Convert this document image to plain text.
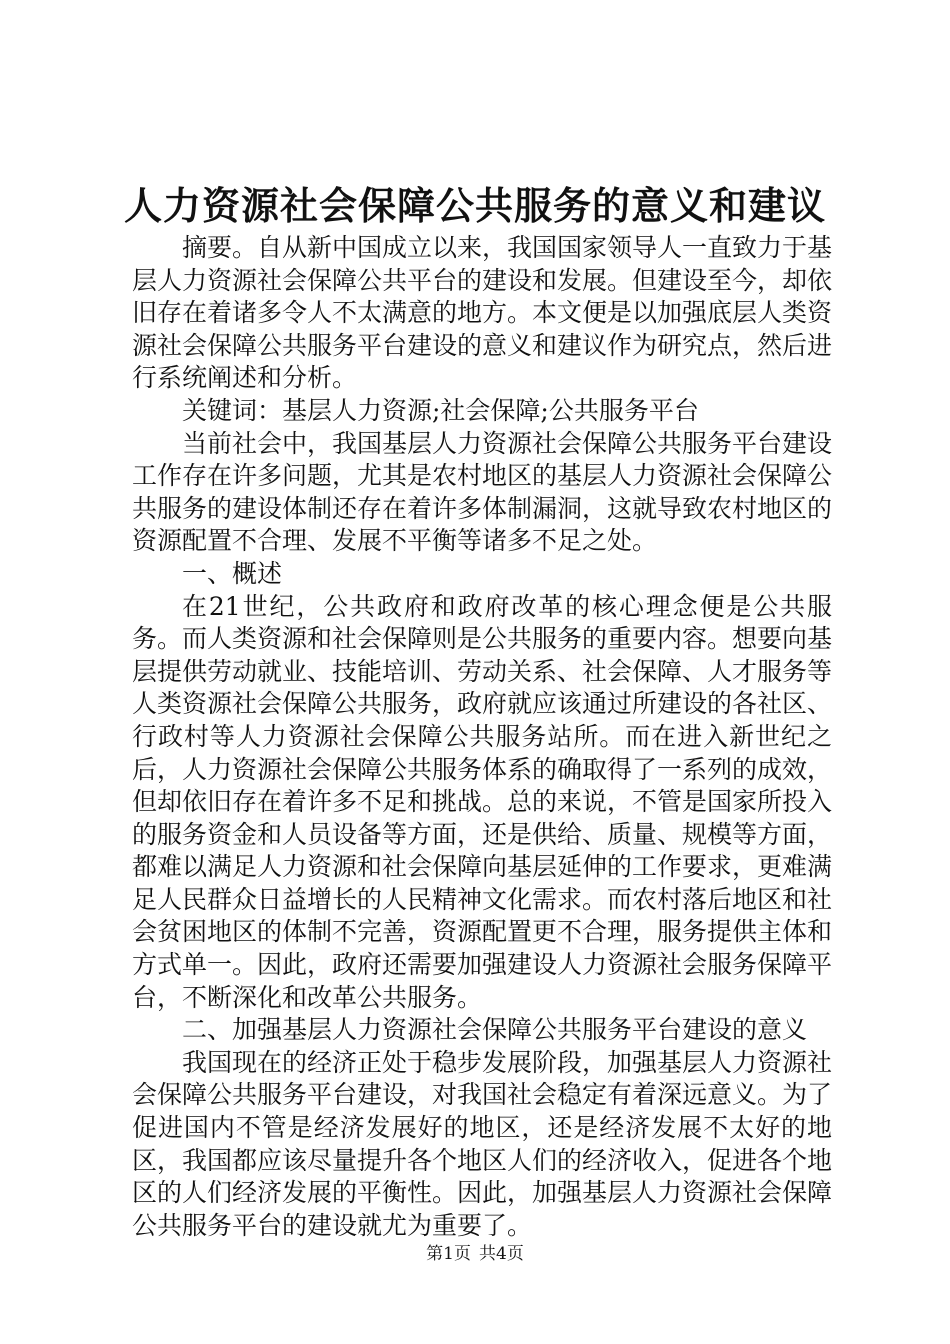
人力资源社会保障公共服务的意义和建议

摘要。自从新中国成立以来，我国国家领导人一直致力于基层人力资源社会保障公共平台的建设和发展。但建设至今，却依旧存在着诸多令人不太满意的地方。本文便是以加强底层人类资源社会保障公共服务平台建设的意义和建议作为研究点，然后进行系统阐述和分析。

关键词：基层人力资源;社会保障;公共服务平台

当前社会中，我国基层人力资源社会保障公共服务平台建设工作存在许多问题，尤其是农村地区的基层人力资源社会保障公共服务的建设体制还存在着许多体制漏洞，这就导致农村地区的资源配置不合理、发展不平衡等诸多不足之处。

一、概述

在21世纪，公共政府和政府改革的核心理念便是公共服务。而人类资源和社会保障则是公共服务的重要内容。想要向基层提供劳动就业、技能培训、劳动关系、社会保障、人才服务等人类资源社会保障公共服务，政府就应该通过所建设的各社区、行政村等人力资源社会保障公共服务站所。而在进入新世纪之后，人力资源社会保障公共服务体系的确取得了一系列的成效，但却依旧存在着许多不足和挑战。总的来说，不管是国家所投入的服务资金和人员设备等方面，还是供给、质量、规模等方面，都难以满足人力资源和社会保障向基层延伸的工作要求，更难满足人民群众日益增长的人民精神文化需求。而农村落后地区和社会贫困地区的体制不完善，资源配置更不合理，服务提供主体和方式单一。因此，政府还需要加强建设人力资源社会服务保障平台，不断深化和改革公共服务。

二、加强基层人力资源社会保障公共服务平台建设的意义

我国现在的经济正处于稳步发展阶段，加强基层人力资源社会保障公共服务平台建设，对我国社会稳定有着深远意义。为了促进国内不管是经济发展好的地区，还是经济发展不太好的地区，我国都应该尽量提升各个地区人们的经济收入，促进各个地区的人们经济发展的平衡性。因此，加强基层人力资源社会保障公共服务平台的建设就尤为重要了。

第1页 共4页
